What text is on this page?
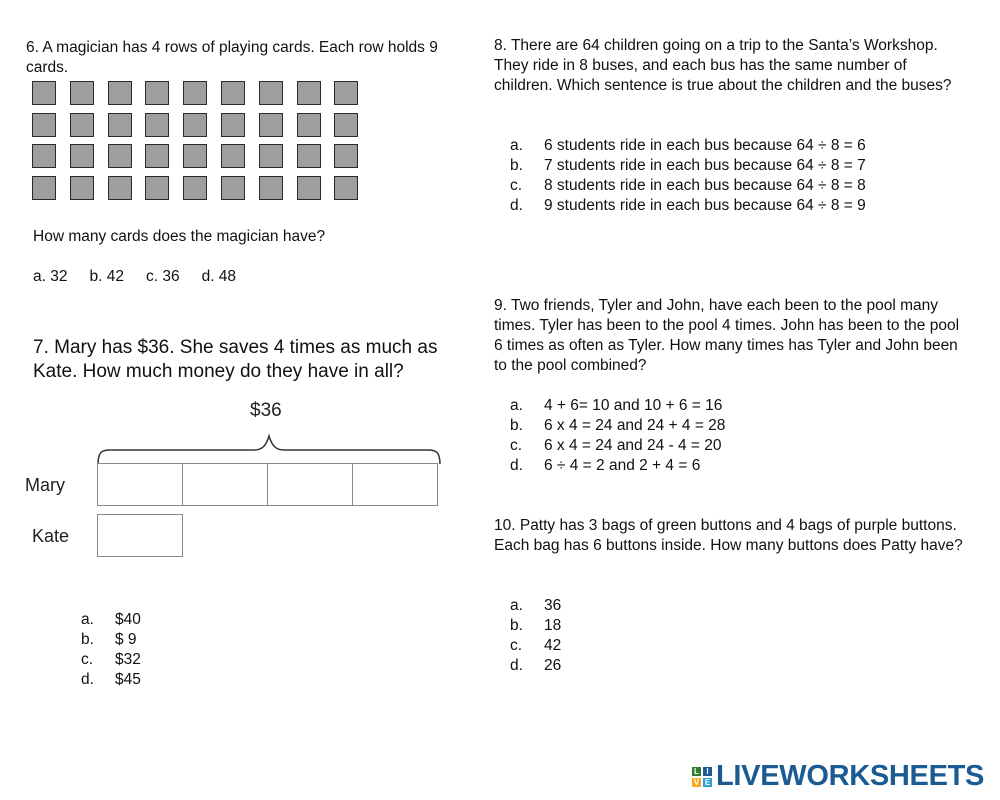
6. A magician has 4 rows of playing cards. Each row holds 9 cards.
How many cards does the magician have?
a. 32 b. 42 c. 36 d. 48
7. Mary has $36. She saves 4 times as much as Kate. How much money do they have in all?
$36
Mary
Kate
a.	$40
b.	$ 9
c.	$32
d.	$45
8. There are 64 children going on a trip to the Santa’s Workshop. They ride in 8 buses, and each bus has the same number of children. Which sentence is true about the children and the buses?
a.	6 students ride in each bus because 64 ÷ 8 = 6
b.	7 students ride in each bus because 64 ÷ 8 = 7
c.	8 students ride in each bus because 64 ÷ 8 = 8
d.	9 students ride in each bus because 64 ÷ 8 = 9
9. Two friends, Tyler and John, have each been to the pool many times. Tyler has been to the pool 4 times. John has been to the pool 6 times as often as Tyler. How many times has Tyler and John been to the pool combined?
a.	4 + 6= 10 and 10 + 6 = 16
b.	6 x 4 = 24 and 24 + 4 = 28
c.	6 x 4 = 24 and 24 - 4 = 20
d.	6 ÷ 4 = 2 and 2 + 4 = 6
10. Patty has 3 bags of green buttons and 4 bags of purple buttons. Each bag has 6 buttons inside. How many buttons does Patty have?
a.	36
b.	18
c.	42
d.	26
L I
V E LIVEWORKSHEETS
